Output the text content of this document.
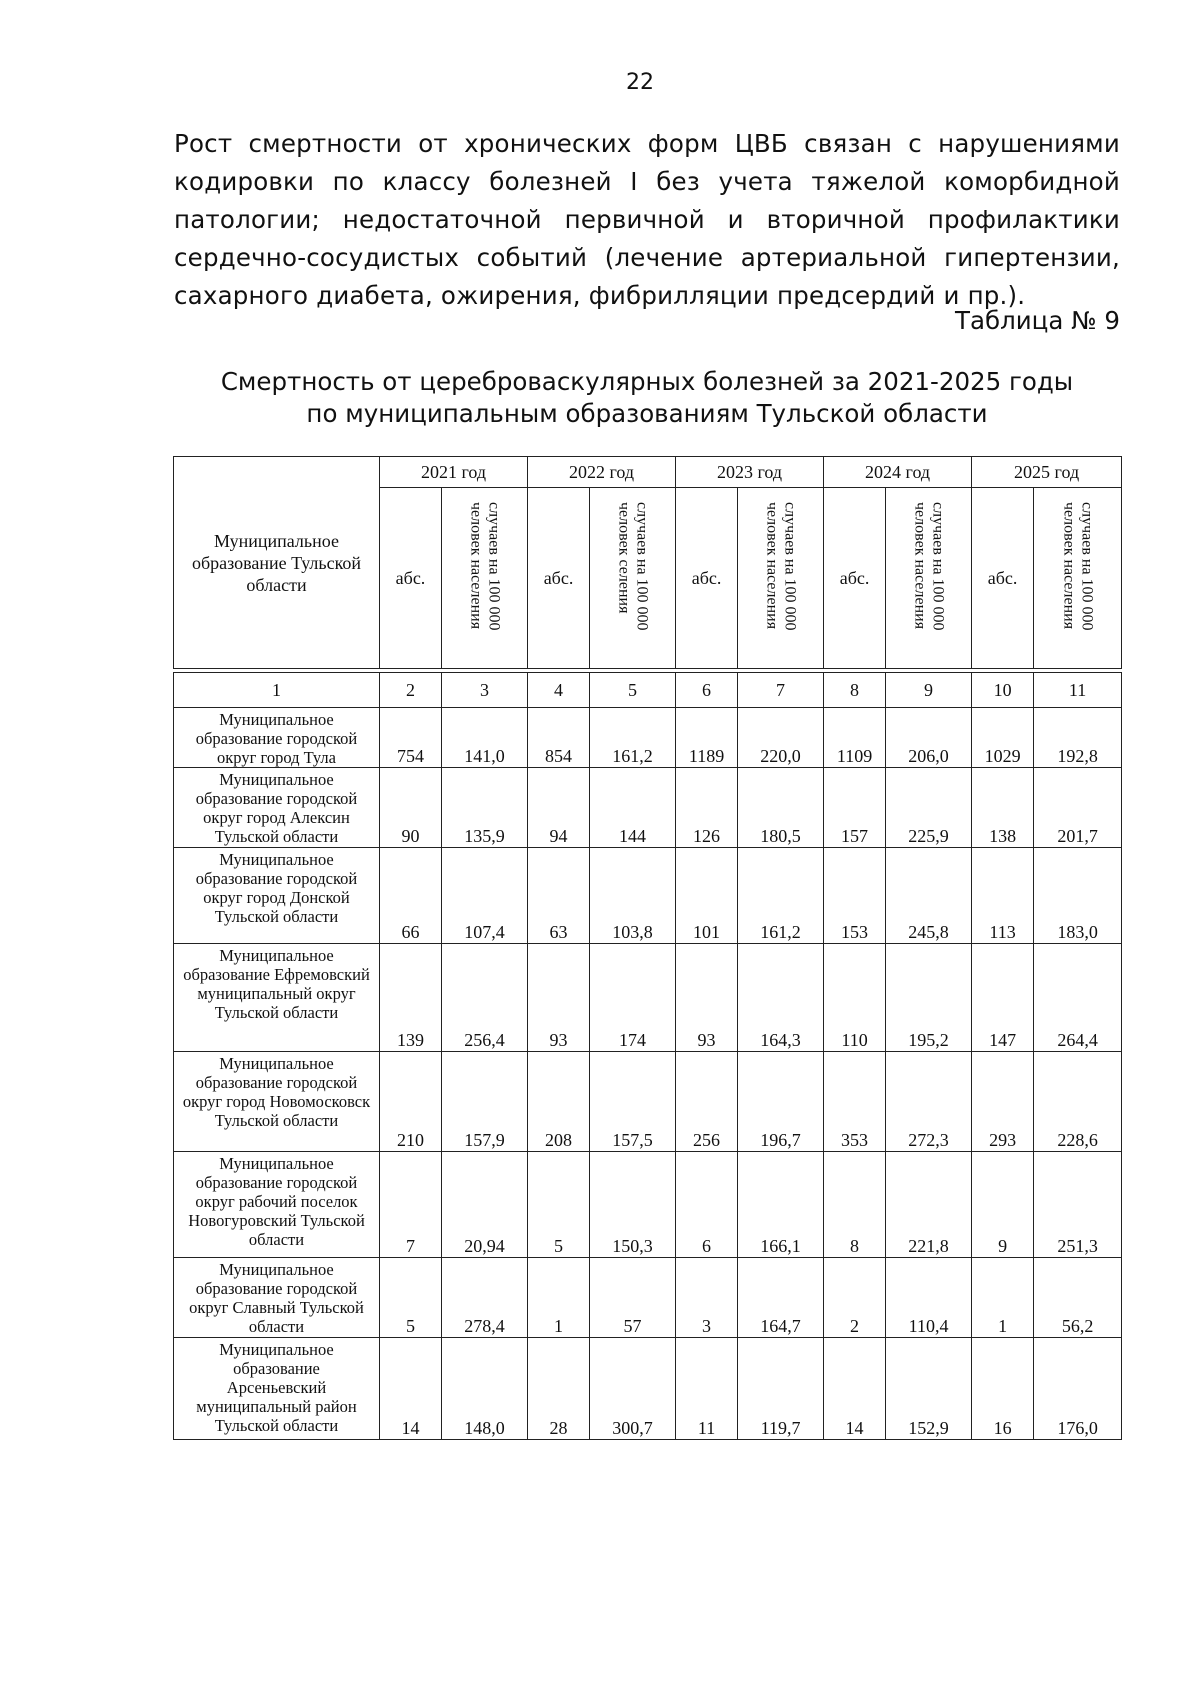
22
Рост смертности от хронических форм ЦВБ связан с нарушениями кодировки по классу болезней I без учета тяжелой коморбидной патологии; недостаточной первичной и вторичной профилактики сердечно-сосудистых событий (лечение артериальной гипертензии, сахарного диабета, ожирения, фибрилляции предсердий и пр.).
Таблица № 9
Смертность от цереброваскулярных болезней за 2021-2025 годы
по муниципальным образованиям Тульской области
Муниципальное образование Тульской области	2021 год		2022 год		2023 год		2024 год		2025 год	
	абс.	случаев на 100 000 человек населения	абс.	случаев на 100 000 человек селения	абс.	случаев на 100 000 человек населения	абс.	случаев на 100 000 человек населения	абс.	случаев на 100 000 человек населения

1	2	3	4	5	6	7	8	9	10	11
Муниципальное образование городской округ город Тула	754	141,0	854	161,2	1189	220,0	1109	206,0	1029	192,8
Муниципальное образование городской округ город Алексин Тульской области	90	135,9	94	144	126	180,5	157	225,9	138	201,7
Муниципальное образование городской округ город Донской Тульской области	66	107,4	63	103,8	101	161,2	153	245,8	113	183,0
Муниципальное образование Ефремовский муниципальный округ Тульской области	139	256,4	93	174	93	164,3	110	195,2	147	264,4
Муниципальное образование городской округ город Новомосковск Тульской области	210	157,9	208	157,5	256	196,7	353	272,3	293	228,6
Муниципальное образование городской округ рабочий поселок Новогуровский Тульской области	7	20,94	5	150,3	6	166,1	8	221,8	9	251,3
Муниципальное образование городской округ Славный Тульской области	5	278,4	1	57	3	164,7	2	110,4	1	56,2
Муниципальное образование Арсеньевский муниципальный район Тульской области	14	148,0	28	300,7	11	119,7	14	152,9	16	176,0
